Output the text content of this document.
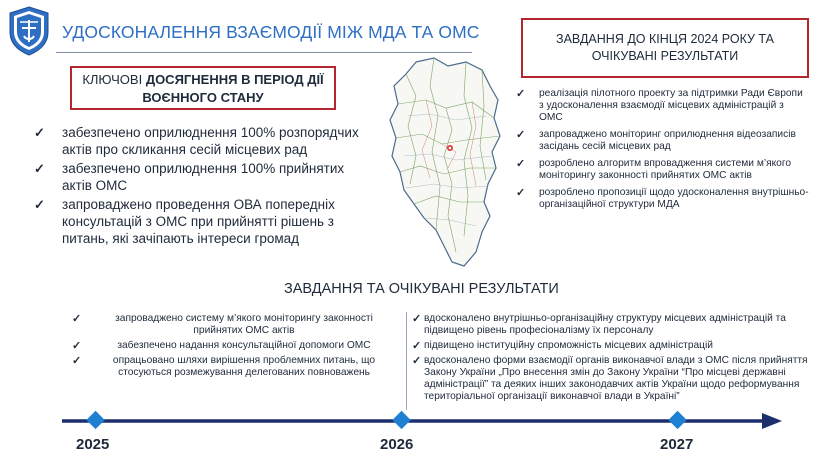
УДОСКОНАЛЕННЯ ВЗАЄМОДІЇ МІЖ МДА ТА ОМС
КЛЮЧОВІ ДОСЯГНЕННЯ В ПЕРІОД ДІЇ
ВОЄННОГО СТАНУ
✓ забезпечено оприлюднення 100% розпорядчих актів про скликання сесій місцевих рад
✓ забезпечено оприлюднення 100% прийнятих актів ОМС
✓ запроваджено проведення ОВА попередніх консультацій з ОМС при прийнятті рішень з питань, які зачіпають інтереси громад
ЗАВДАННЯ ДО КІНЦЯ 2024 РОКУ ТА
ОЧІКУВАНІ РЕЗУЛЬТАТИ
✓ реалізація пілотного проекту за підтримки Ради Європи з удосконалення взаємодії місцевих адміністрацій з ОМС
✓ запроваджено моніторинг оприлюднення відеозаписів засідань сесій місцевих рад
✓ розроблено алгоритм впровадження системи м’якого моніторингу законності прийнятих ОМС актів
✓ розроблено пропозиції щодо удосконалення внутрішньо-організаційної структури МДА
ЗАВДАННЯ ТА ОЧІКУВАНІ РЕЗУЛЬТАТИ
✓ запроваджено систему м’якого моніторингу законності прийнятих ОМС актів
✓ забезпечено надання консультаційної допомоги ОМС
✓ опрацьовано шляхи вирішення проблемних питань, що стосуються розмежування делегованих повноважень
✓ вдосконалено внутрішньо-організаційну структуру місцевих адміністрацій та підвищено рівень професіоналізму їх персоналу
✓ підвищено інституційну спроможність місцевих адміністрацій
✓ вдосконалено форми взаємодії органів виконавчої влади з ОМС після прийняття Закону України „Про внесення змін до Закону України “Про місцеві державні адміністрації” та деяких інших законодавчих актів України щодо реформування територіальної організації виконавчої влади в Україні”
2025	2026	2027
